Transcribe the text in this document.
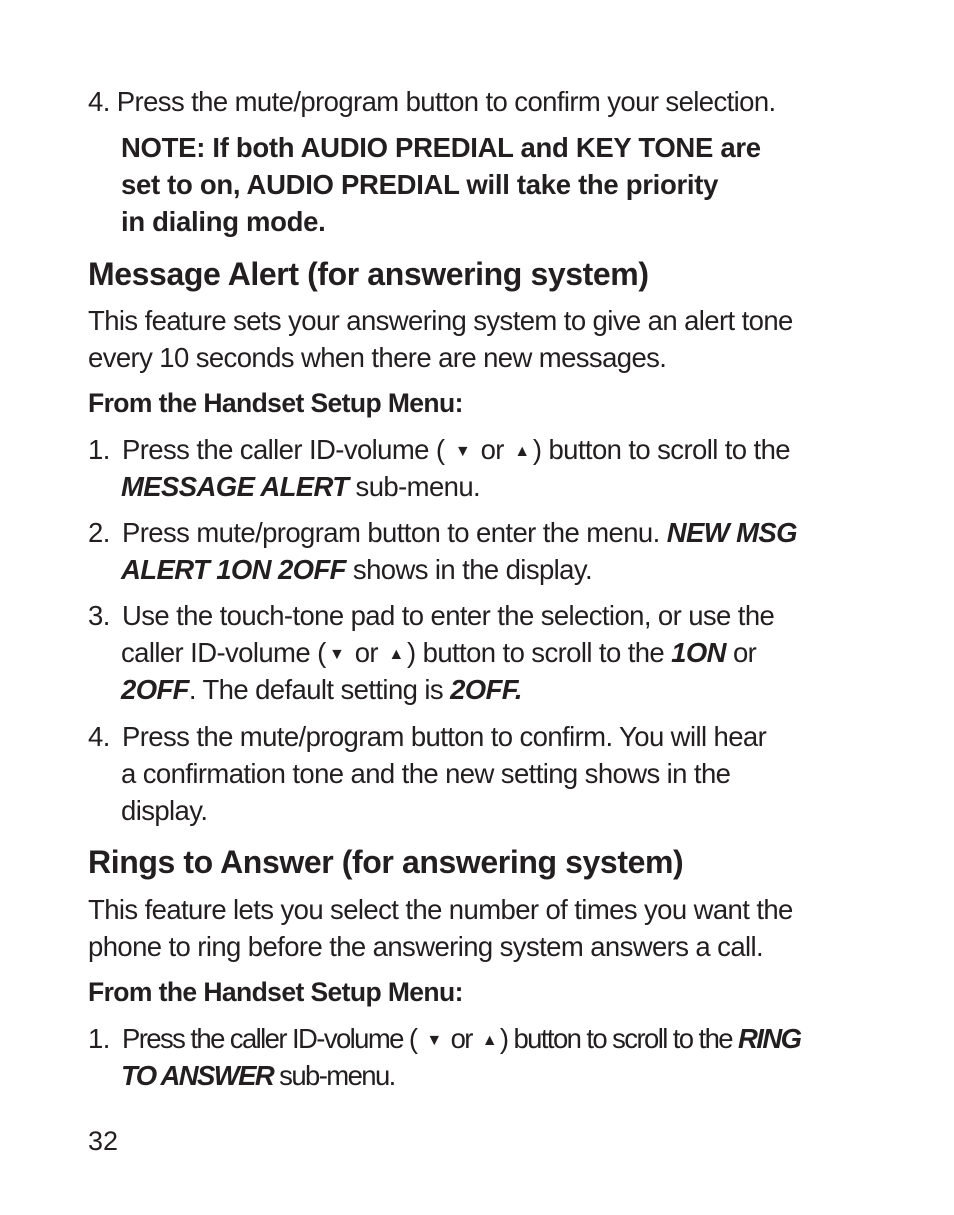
4. Press the mute/program button to confirm your selection.
NOTE: If both AUDIO PREDIAL and KEY TONE are
set to on, AUDIO PREDIAL will take the priority
in dialing mode.
Message Alert (for answering system)
This feature sets your answering system to give an alert tone
every 10 seconds when there are new messages.
From the Handset Setup Menu:
1. Press the caller ID-volume ( ▼ or ▲ ) button to scroll to the
MESSAGE ALERT sub-menu.
2. Press mute/program button to enter the menu. NEW MSG
ALERT 1ON 2OFF shows in the display.
3. Use the touch-tone pad to enter the selection, or use the
caller ID-volume ( ▼ or ▲ ) button to scroll to the 1ON or
2OFF. The default setting is 2OFF.
4. Press the mute/program button to confirm. You will hear
a confirmation tone and the new setting shows in the
display.
Rings to Answer (for answering system)
This feature lets you select the number of times you want the
phone to ring before the answering system answers a call.
From the Handset Setup Menu:
1. Press the caller ID-volume ( ▼ or ▲ ) button to scroll to the RING
TO ANSWER sub-menu.
32
